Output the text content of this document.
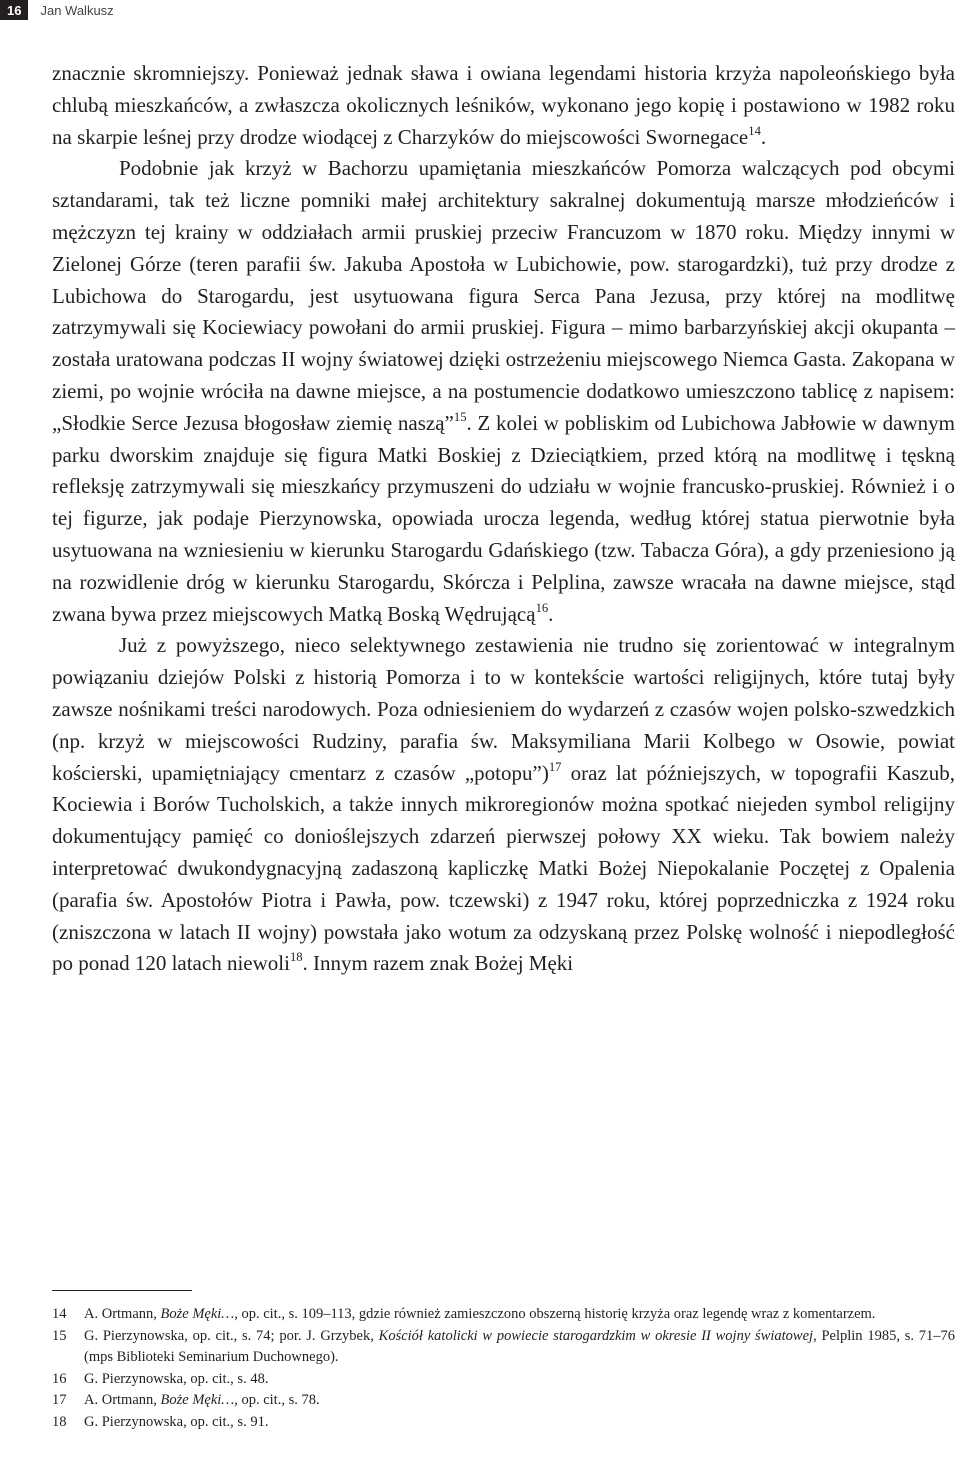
16	Jan Walkusz

znacznie skromniejszy. Ponieważ jednak sława i owiana legendami historia krzyża napoleońskiego była chlubą mieszkańców, a zwłaszcza okolicznych leśników, wykonano jego kopię i postawiono w 1982 roku na skarpie leśnej przy drodze wiodącej z Charzyków do miejscowości Swornegace$^{14}$.

Podobnie jak krzyż w Bachorzu upamiętania mieszkańców Pomorza walczących pod obcymi sztandarami, tak też liczne pomniki małej architektury sakralnej dokumentują marsze młodzieńców i mężczyzn tej krainy w oddziałach armii pruskiej przeciw Francuzom w 1870 roku. Między innymi w Zielonej Górze (teren parafii św. Jakuba Apostoła w Lubichowie, pow. starogardzki), tuż przy drodze z Lubichowa do Starogardu, jest usytuowana figura Serca Pana Jezusa, przy której na modlitwę zatrzymywali się Kociewiacy powołani do armii pruskiej. Figura – mimo barbarzyńskiej akcji okupanta – została uratowana podczas II wojny światowej dzięki ostrzeżeniu miejscowego Niemca Gasta. Zakopana w ziemi, po wojnie wróciła na dawne miejsce, a na postumencie dodatkowo umieszczono tablicę z napisem: „Słodkie Serce Jezusa błogosław ziemię naszą”$^{15}$. Z kolei w pobliskim od Lubichowa Jabłowie w dawnym parku dworskim znajduje się figura Matki Boskiej z Dzieciątkiem, przed którą na modlitwę i tęskną refleksję zatrzymywali się mieszkańcy przymuszeni do udziału w wojnie francusko-pruskiej. Również i o tej figurze, jak podaje Pierzynowska, opowiada urocza legenda, według której statua pierwotnie była usytuowana na wzniesieniu w kierunku Starogardu Gdańskiego (tzw. Tabacza Góra), a gdy przeniesiono ją na rozwidlenie dróg w kierunku Starogardu, Skórcza i Pelplina, zawsze wracała na dawne miejsce, stąd zwana bywa przez miejscowych Matką Boską Wędrującą$^{16}$.

Już z powyższego, nieco selektywnego zestawienia nie trudno się zorientować w integralnym powiązaniu dziejów Polski z historią Pomorza i to w kontekście wartości religijnych, które tutaj były zawsze nośnikami treści narodowych. Poza odniesieniem do wydarzeń z czasów wojen polsko-szwedzkich (np. krzyż w miejscowości Rudziny, parafia św. Maksymiliana Marii Kolbego w Osowie, powiat kościerski, upamiętniający cmentarz z czasów „potopu”)$^{17}$ oraz lat późniejszych, w topografii Kaszub, Kociewia i Borów Tucholskich, a także innych mikroregionów można spotkać niejeden symbol religijny dokumentujący pamięć co donioślejszych zdarzeń pierwszej połowy XX wieku. Tak bowiem należy interpretować dwukondygnacyjną zadaszoną kapliczkę Matki Bożej Niepokalanie Poczętej z Opalenia (parafia św. Apostołów Piotra i Pawła, pow. tczewski) z 1947 roku, której poprzedniczka z 1924 roku (zniszczona w latach II wojny) powstała jako wotum za odzyskaną przez Polskę wolność i niepodległość po ponad 120 latach niewoli$^{18}$. Innym razem znak Bożej Męki

14	A. Ortmann, Boże Męki…, op. cit., s. 109–113, gdzie również zamieszczono obszerną historię krzyża oraz legendę wraz z komentarzem.
15	G. Pierzynowska, op. cit., s. 74; por. J. Grzybek, Kościół katolicki w powiecie starogardzkim w okresie II wojny światowej, Pelplin 1985, s. 71–76 (mps Biblioteki Seminarium Duchownego).
16	G. Pierzynowska, op. cit., s. 48.
17	A. Ortmann, Boże Męki…, op. cit., s. 78.
18	G. Pierzynowska, op. cit., s. 91.
